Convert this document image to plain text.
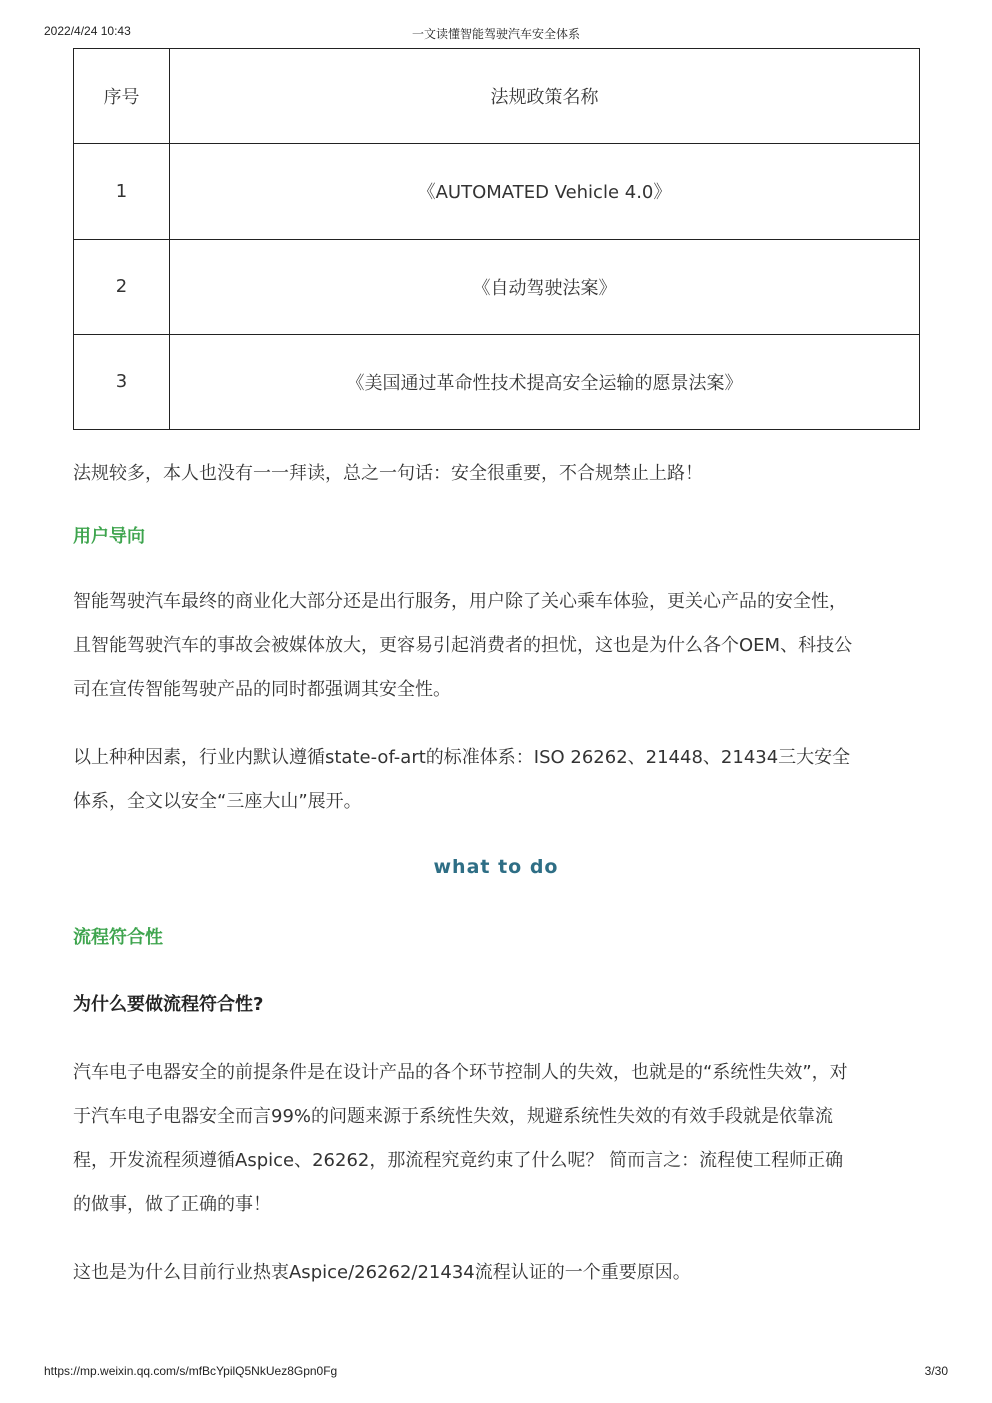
2022/4/24 10:43	一文读懂智能驾驶汽车安全体系
序号	法规政策名称
1	《AUTOMATED Vehicle 4.0》
2	《自动驾驶法案》
3	《美国通过革命性技术提高安全运输的愿景法案》

法规较多，本人也没有一一拜读，总之一句话：安全很重要，不合规禁止上路！

用户导向

智能驾驶汽车最终的商业化大部分还是出行服务，用户除了关心乘车体验，更关心产品的安全性，

且智能驾驶汽车的事故会被媒体放大，更容易引起消费者的担忧，这也是为什么各个OEM、科技公

司在宣传智能驾驶产品的同时都强调其安全性。

以上种种因素，行业内默认遵循state-of-art的标准体系：ISO 26262、21448、21434三大安全

体系，全文以安全“三座大山”展开。

what to do
流程符合性
为什么要做流程符合性?

汽车电子电器安全的前提条件是在设计产品的各个环节控制人的失效，也就是的“系统性失效”，对

于汽车电子电器安全而言99%的问题来源于系统性失效，规避系统性失效的有效手段就是依靠流

程，开发流程须遵循Aspice、26262，那流程究竟约束了什么呢？ 简而言之：流程使工程师正确

的做事，做了正确的事！

这也是为什么目前行业热衷Aspice/26262/21434流程认证的一个重要原因。

https://mp.weixin.qq.com/s/mfBcYpilQ5NkUez8Gpn0Fg	3/30
